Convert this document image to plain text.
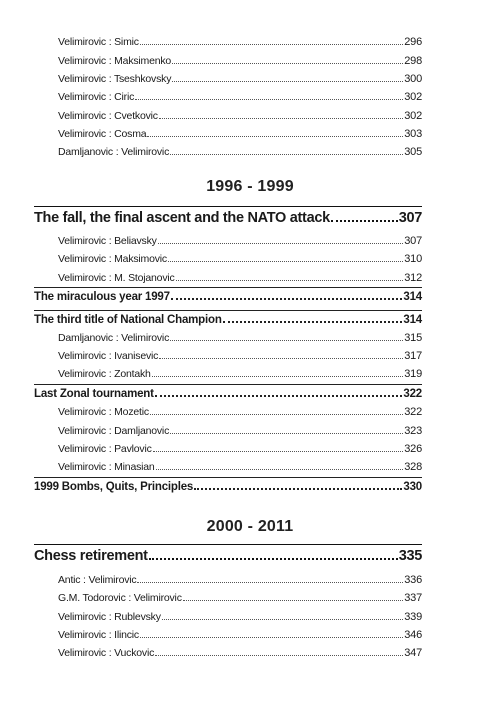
Velimirovic : Simic	296
Velimirovic : Maksimenko	298
Velimirovic : Tseshkovsky	300
Velimirovic : Ciric	302
Velimirovic : Cvetkovic	302
Velimirovic : Cosma	303
Damljanovic : Velimirovic	305
1996 - 1999
The fall, the final ascent and the NATO attack	307
Velimirovic : Beliavsky	307
Velimirovic : Maksimovic	310
Velimirovic : M. Stojanovic	312
The miraculous year 1997	314
The third title of National Champion	314
Damljanovic : Velimirovic	315
Velimirovic : Ivanisevic	317
Velimirovic : Zontakh	319
Last Zonal tournament	322
Velimirovic : Mozetic	322
Velimirovic : Damljanovic	323
Velimirovic : Pavlovic	326
Velimirovic : Minasian	328
1999 Bombs, Quits, Principles	330
2000 - 2011
Chess retirement	335
Antic : Velimirovic	336
G.M. Todorovic : Velimirovic	337
Velimirovic : Rublevsky	339
Velimirovic : Ilincic	346
Velimirovic : Vuckovic	347
